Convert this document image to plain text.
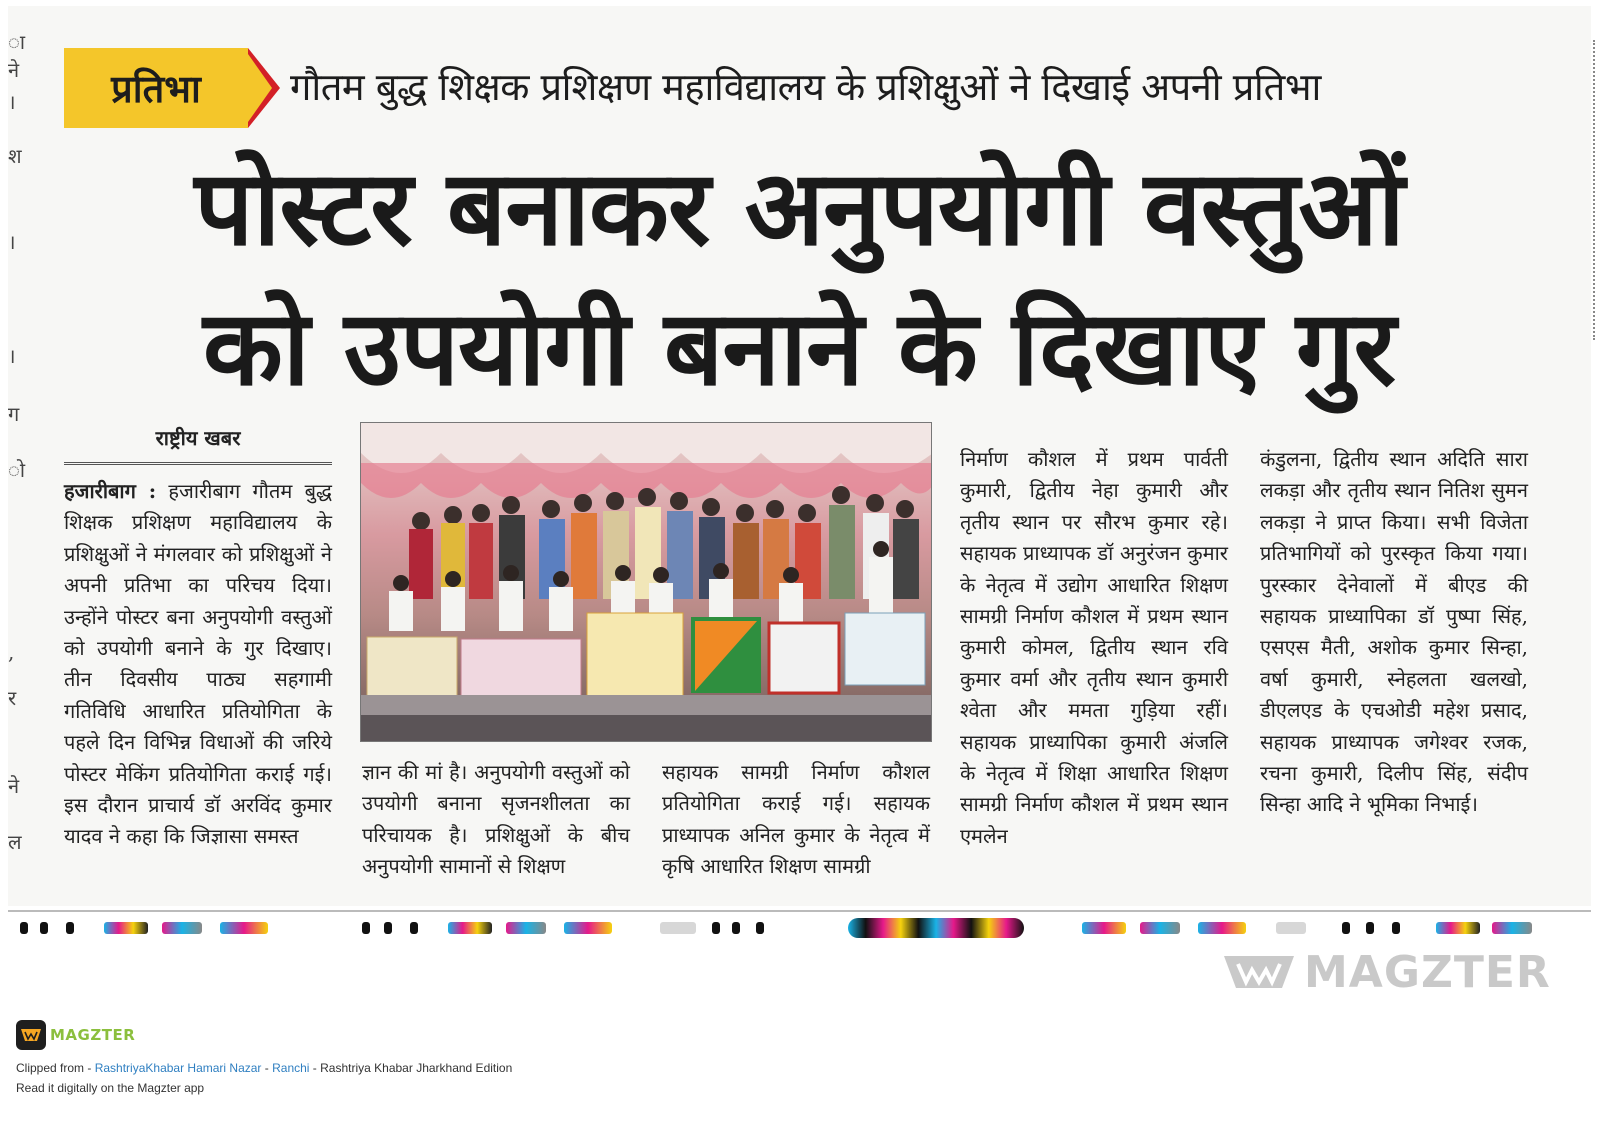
ा
ने
।
श
।
।
ग
ो
,
र
ने
ल
प्रतिभा	गौतम बुद्ध शिक्षक प्रशिक्षण महाविद्यालय के प्रशिक्षुओं ने दिखाई अपनी प्रतिभा
पोस्टर बनाकर अनुपयोगी वस्तुओं
को उपयोगी बनाने के दिखाए गुर
राष्ट्रीय खबर
हजारीबाग : हजारीबाग गौतम बुद्ध शिक्षक प्रशिक्षण महाविद्यालय के प्रशिक्षुओं ने मंगलवार को प्रशिक्षुओं ने अपनी प्रतिभा का परिचय दिया। उन्होंने पोस्टर बना अनुपयोगी वस्तुओं को उपयोगी बनाने के गुर दिखाए। तीन दिवसीय पाठ्य सहगामी गतिविधि आधारित प्रतियोगिता के पहले दिन विभिन्न विधाओं की जरिये पोस्टर मेकिंग प्रतियोगिता कराई गई। इस दौरान प्राचार्य डॉ अरविंद कुमार यादव ने कहा कि जिज्ञासा समस्त
ज्ञान की मां है। अनुपयोगी वस्तुओं को उपयोगी बनाना सृजनशीलता का परिचायक है। प्रशिक्षुओं के बीच अनुपयोगी सामानों से शिक्षण
सहायक सामग्री निर्माण कौशल प्रतियोगिता कराई गई। सहायक प्राध्यापक अनिल कुमार के नेतृत्व में कृषि आधारित शिक्षण सामग्री
निर्माण कौशल में प्रथम पार्वती कुमारी, द्वितीय नेहा कुमारी और तृतीय स्थान पर सौरभ कुमार रहे। सहायक प्राध्यापक डॉ अनुरंजन कुमार के नेतृत्व में उद्योग आधारित शिक्षण सामग्री निर्माण कौशल में प्रथम स्थान कुमारी कोमल, द्वितीय स्थान रवि कुमार वर्मा और तृतीय स्थान कुमारी श्वेता और ममता गुड़िया रहीं। सहायक प्राध्यापिका कुमारी अंजलि के नेतृत्व में शिक्षा आधारित शिक्षण सामग्री निर्माण कौशल में प्रथम स्थान एमलेन
कंडुलना, द्वितीय स्थान अदिति सारा लकड़ा और तृतीय स्थान नितिश सुमन लकड़ा ने प्राप्त किया। सभी विजेता प्रतिभागियों को पुरस्कृत किया गया। पुरस्कार देनेवालों में बीएड की सहायक प्राध्यापिका डॉ पुष्पा सिंह, एसएस मैती, अशोक कुमार सिन्हा, वर्षा कुमारी, स्नेहलता खलखो, डीएलएड के एचओडी महेश प्रसाद, सहायक प्राध्यापक जगेश्वर रजक, रचना कुमारी, दिलीप सिंह, संदीप सिन्हा आदि ने भूमिका निभाई।
MAGZTER
MAGZTER
Clipped from - RashtriyaKhabar Hamari Nazar - Ranchi - Rashtriya Khabar Jharkhand Edition
Read it digitally on the Magzter app
